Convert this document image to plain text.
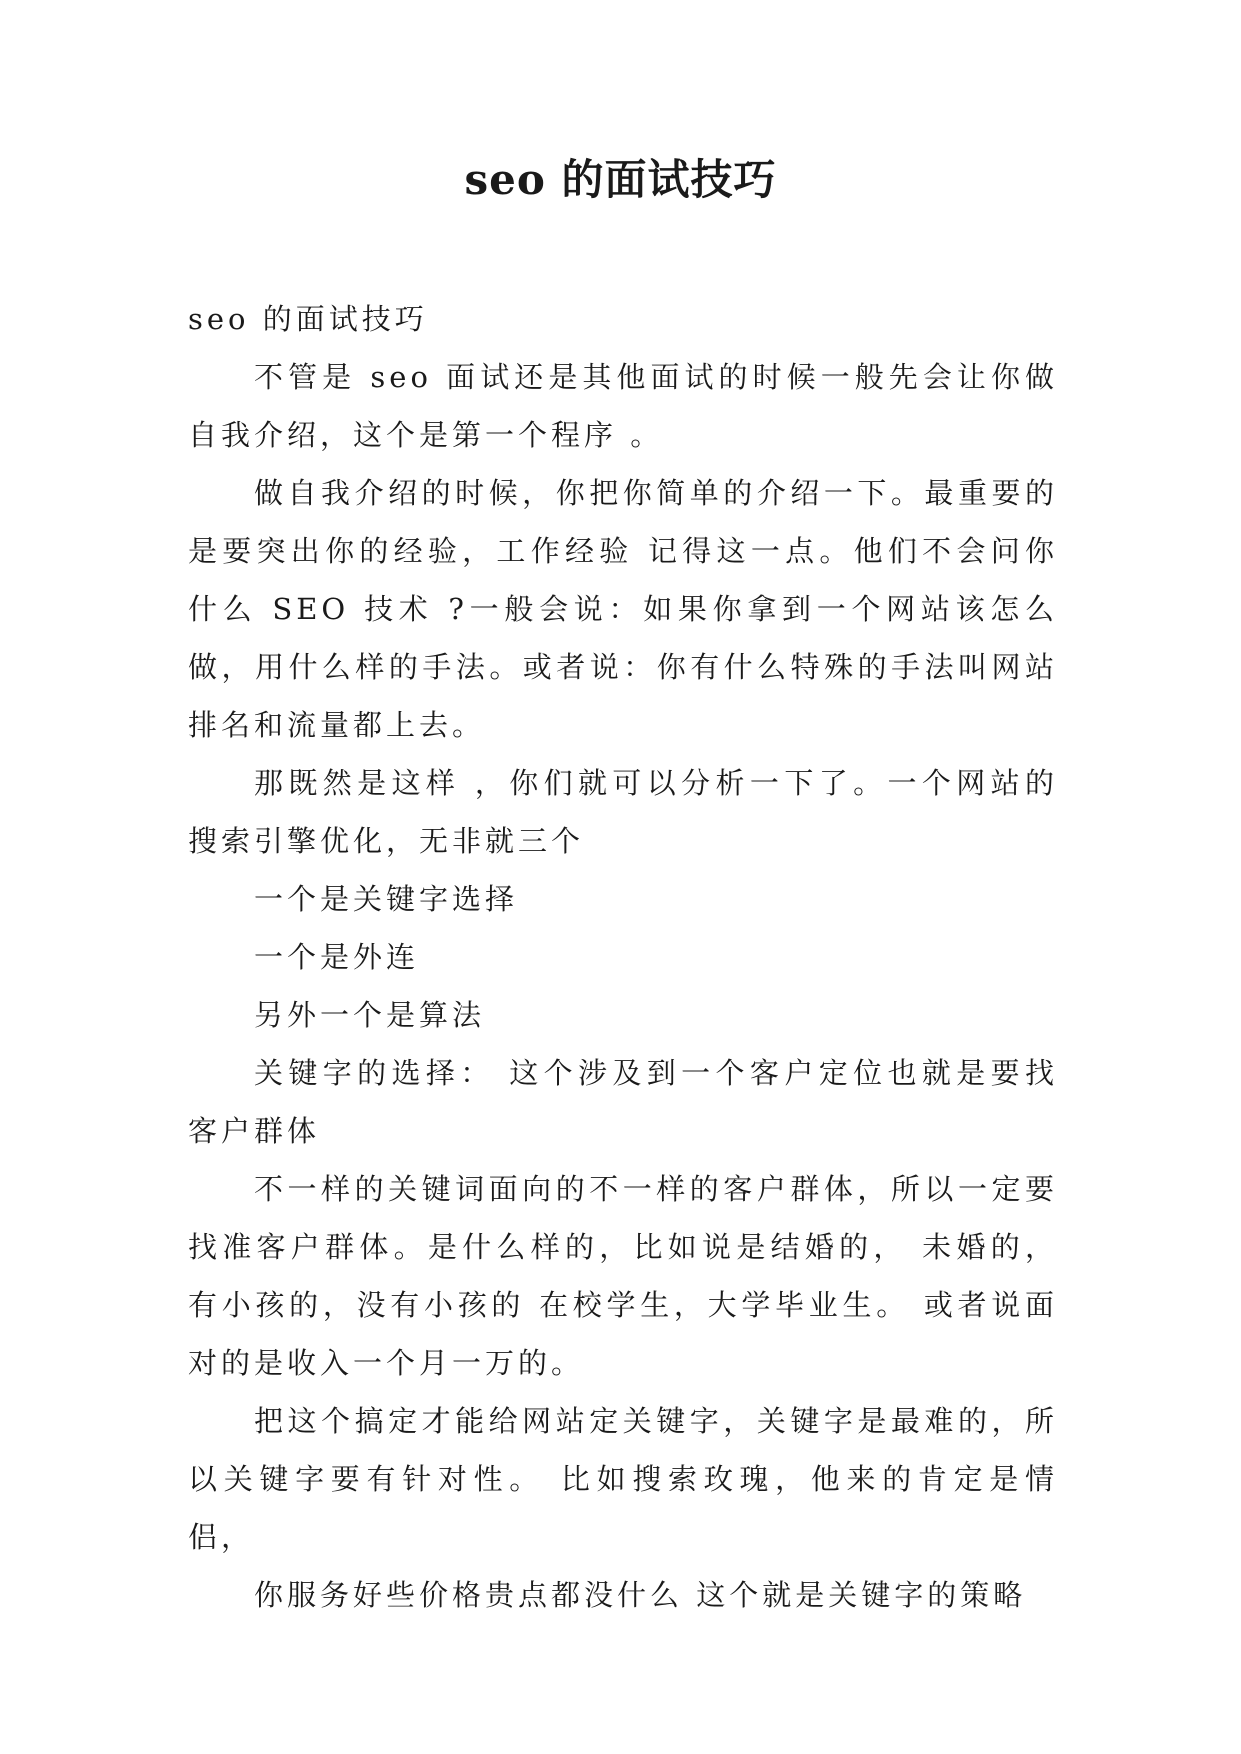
seo 的面试技巧

seo 的面试技巧

不管是 seo 面试还是其他面试的时候一般先会让你做自我介绍，这个是第一个程序 。

做自我介绍的时候，你把你简单的介绍一下。最重要的是要突出你的经验，工作经验 记得这一点。他们不会问你什么 SEO 技术 ?一般会说：如果你拿到一个网站该怎么做，用什么样的手法。或者说：你有什么特殊的手法叫网站排名和流量都上去。

那既然是这样 ，你们就可以分析一下了。一个网站的搜索引擎优化，无非就三个

一个是关键字选择

一个是外连

另外一个是算法

关键字的选择： 这个涉及到一个客户定位也就是要找客户群体

不一样的关键词面向的不一样的客户群体，所以一定要找准客户群体。是什么样的，比如说是结婚的， 未婚的，有小孩的，没有小孩的 在校学生，大学毕业生。 或者说面对的是收入一个月一万的。

把这个搞定才能给网站定关键字，关键字是最难的，所以关键字要有针对性。 比如搜索玫瑰，他来的肯定是情侣，

你服务好些价格贵点都没什么 这个就是关键字的策略
